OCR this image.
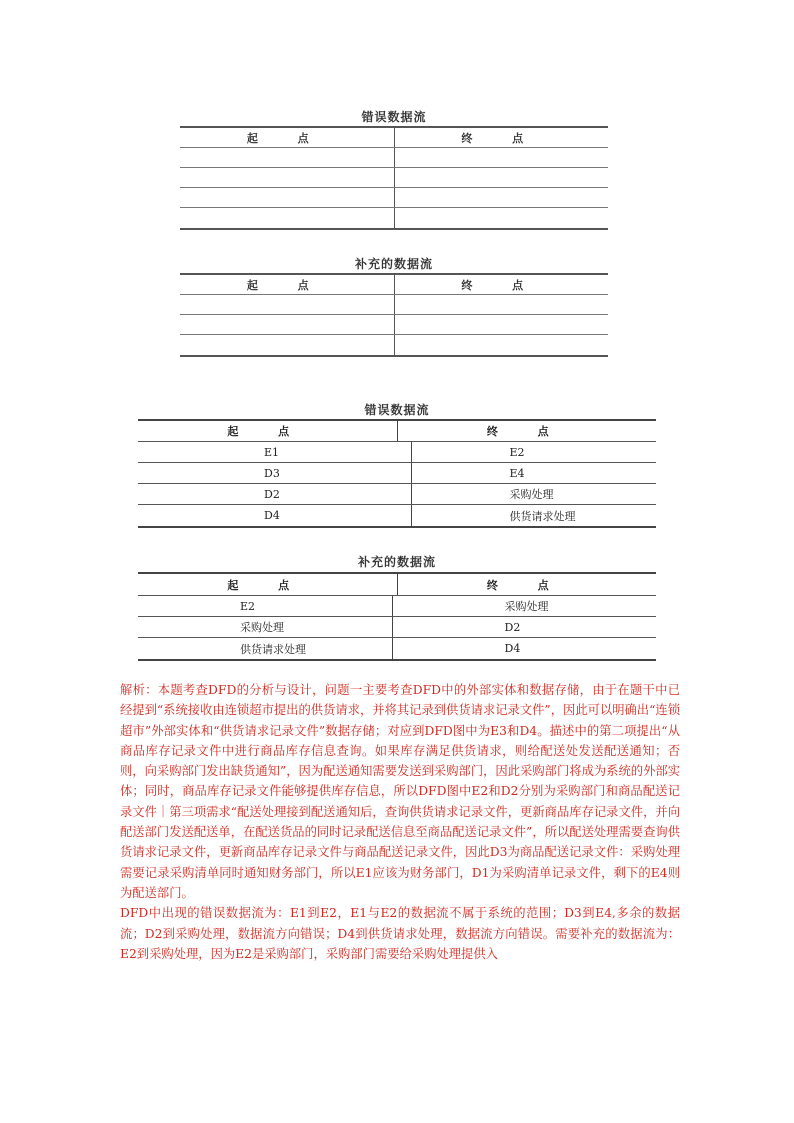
错误数据流
起 点	终 点
补充的数据流
起 点	终 点
错误数据流
起 点	终 点
E1	E2
D3	E4
D2	采购处理
D4	供货请求处理
补充的数据流
起 点	终 点
E2	采购处理
采购处理	D2
供货请求处理	D4

解析：本题考查DFD的分析与设计，问题一主要考查DFD中的外部实体和数据存储，由于在题干中已经提到“系统接收由连锁超市提出的供货请求，并将其记录到供货请求记录文件”，因此可以明确出“连锁超市”外部实体和“供货请求记录文件”数据存储；对应到DFD图中为E3和D4。描述中的第二项提出“从商品库存记录文件中进行商品库存信息查询。如果库存满足供货请求，则给配送处发送配送通知；否则，向采购部门发出缺货通知”，因为配送通知需要发送到采购部门，因此采购部门将成为系统的外部实体；同时，商品库存记录文件能够提供库存信息，所以DFD图中E2和D2分别为采购部门和商品配送记录文件｜第三项需求“配送处理接到配送通知后，查询供货请求记录文件，更新商品库存记录文件，并向配送部门发送配送单，在配送货品的同时记录配送信息至商品配送记录文件”，所以配送处理需要查询供货请求记录文件，更新商品库存记录文件与商品配送记录文件，因此D3为商品配送记录文件：采购处理需要记录采购清单同时通知财务部门，所以E1应该为财务部门，D1为采购清单记录文件，剩下的E4则为配送部门。

DFD中出现的错误数据流为：E1到E2，E1与E2的数据流不属于系统的范围；D3到E4,多余的数据流；D2到采购处理，数据流方向错误；D4到供货请求处理，数据流方向错误。需要补充的数据流为：E2到采购处理，因为E2是采购部门，采购部门需要给采购处理提供入
